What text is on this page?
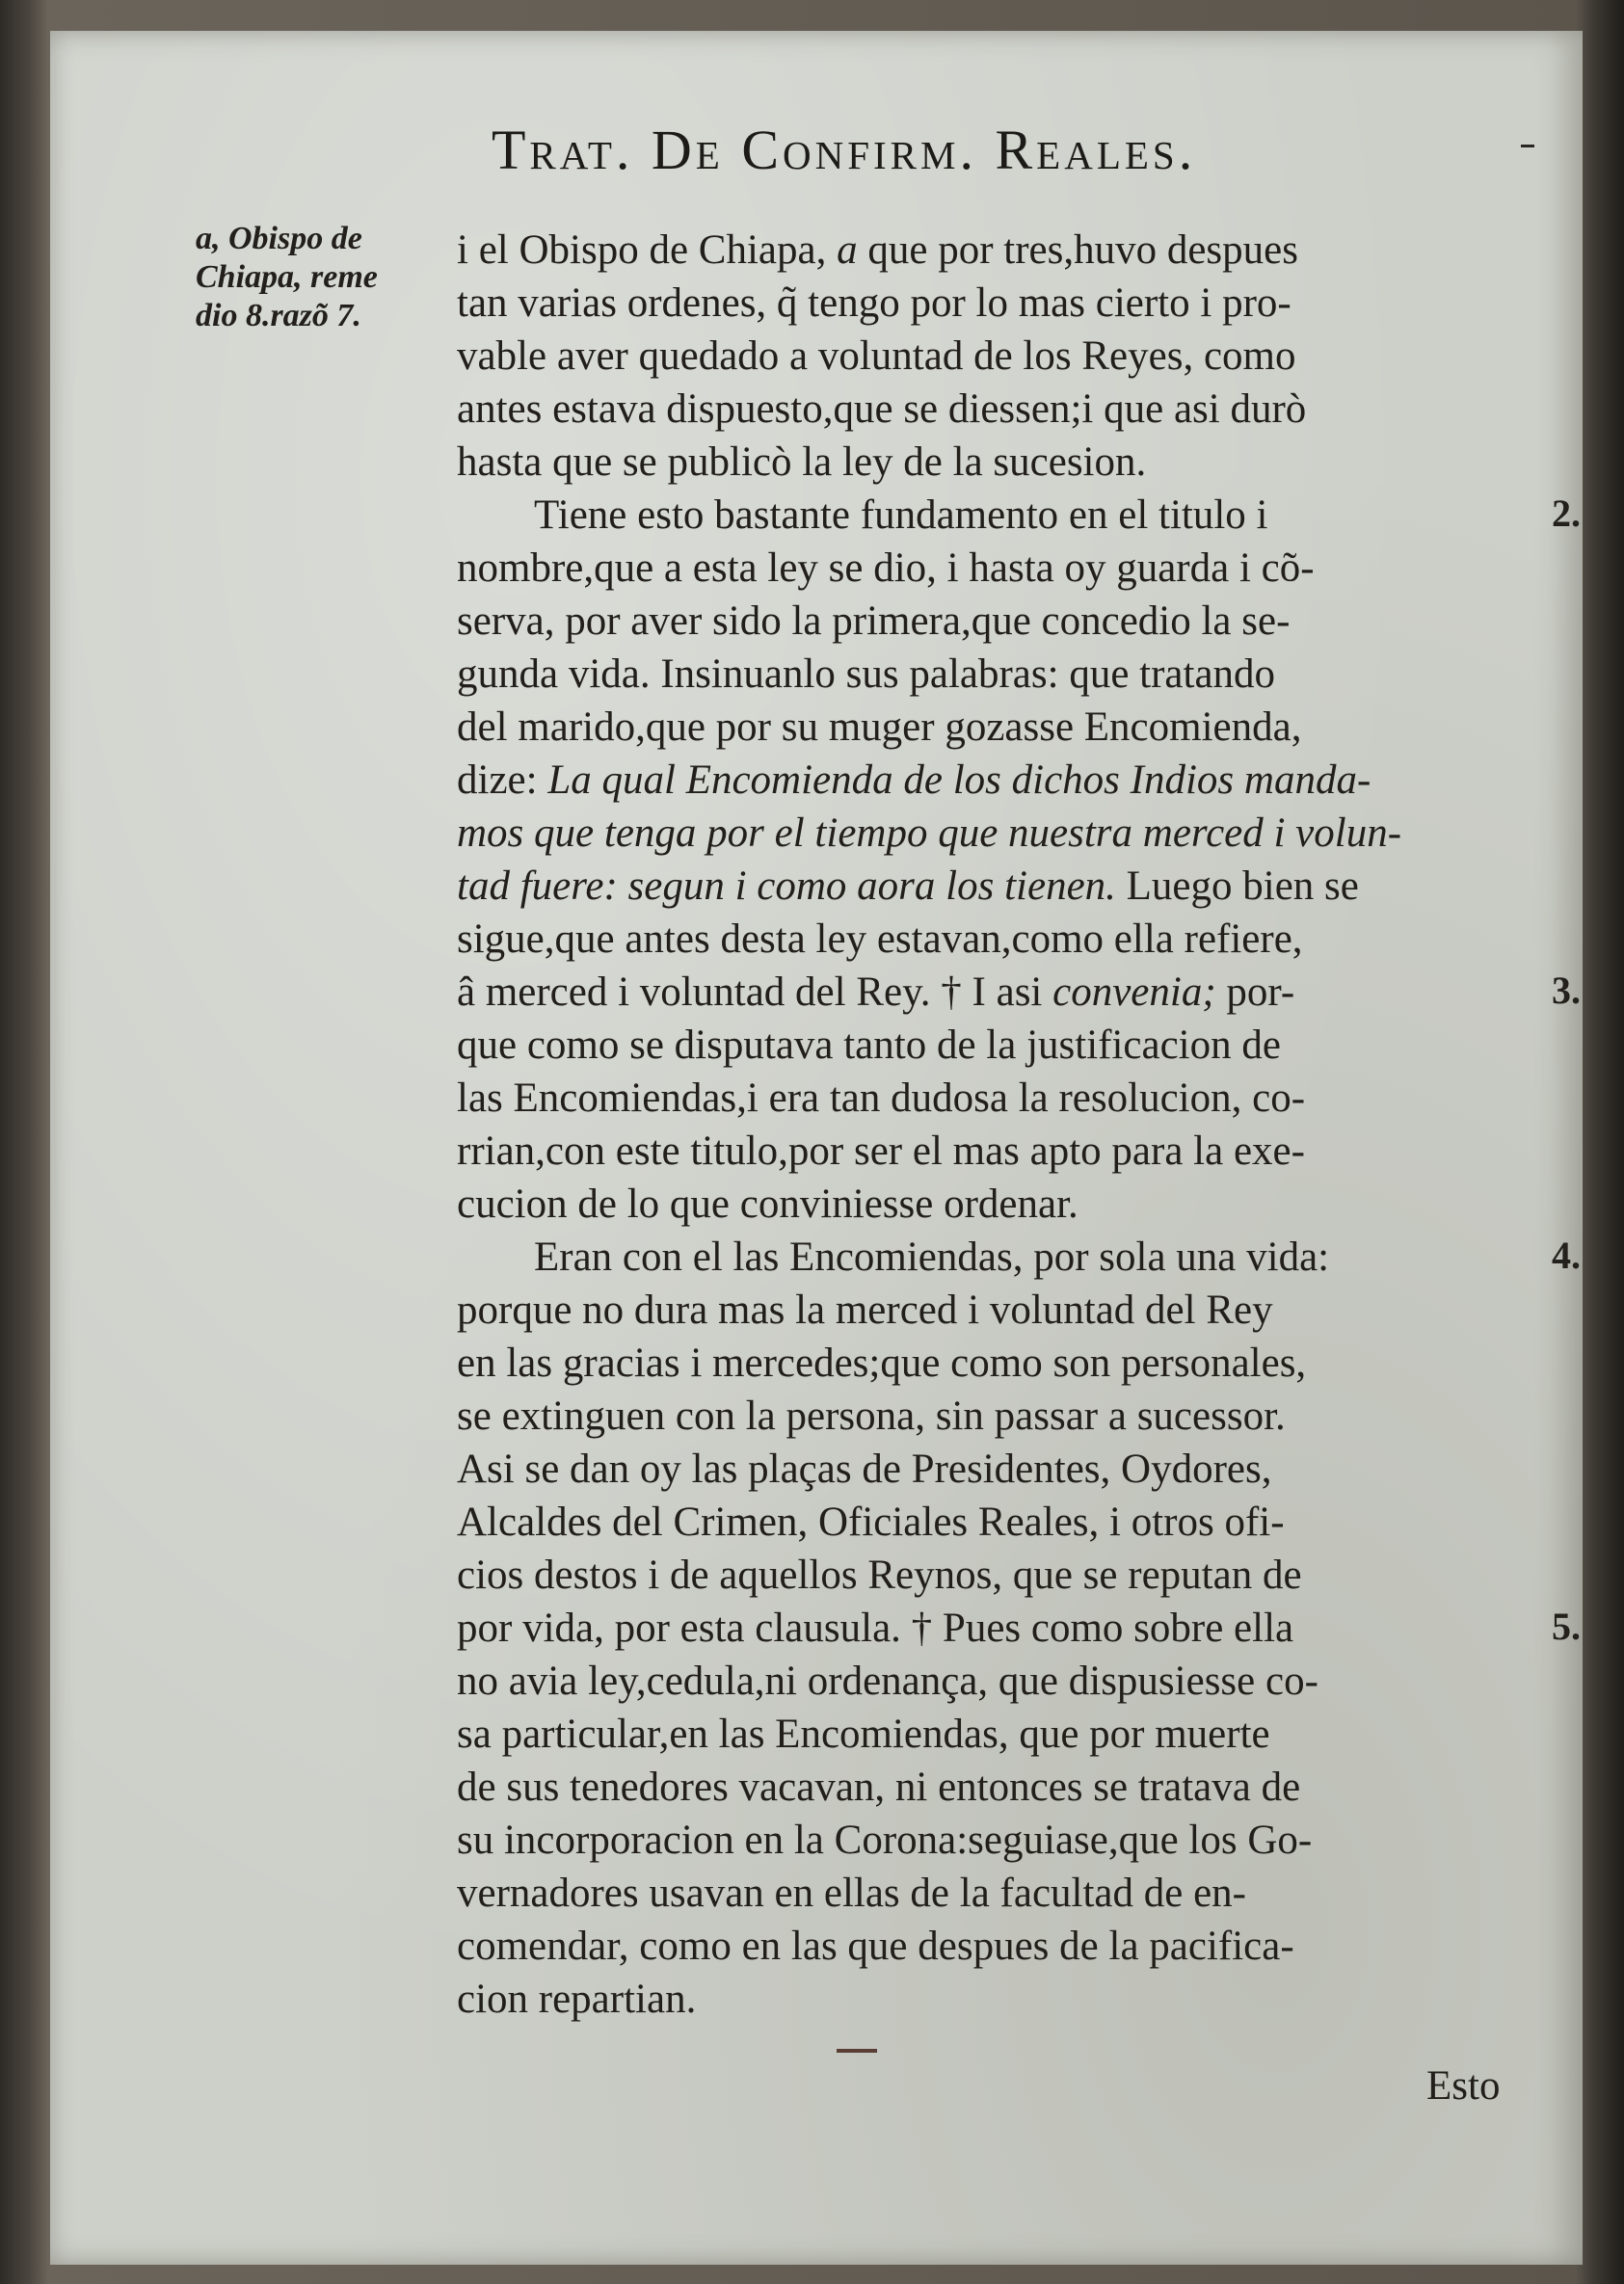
Trat. De Confirm. Reales.
a, Obispo de
Chiapa, reme
dio 8.razõ 7.
i el Obispo de Chiapa, a que por tres,huvo despues
tan varias ordenes, q̃ tengo por lo mas cierto i pro-
vable aver quedado a voluntad de los Reyes, como
antes estava dispuesto,que se diessen;i que asi durò
hasta que se publicò la ley de la sucesion.
Tiene esto bastante fundamento en el titulo i
nombre,que a esta ley se dio, i hasta oy guarda i cõ-
serva, por aver sido la primera,que concedio la se-
gunda vida. Insinuanlo sus palabras: que tratando
del marido,que por su muger gozasse Encomienda,
dize: La qual Encomienda de los dichos Indios manda-
mos que tenga por el tiempo que nuestra merced i volun-
tad fuere: segun i como aora los tienen. Luego bien se
sigue,que antes desta ley estavan,como ella refiere,
â merced i voluntad del Rey. † I asi convenia; por-
que como se disputava tanto de la justificacion de
las Encomiendas,i era tan dudosa la resolucion, co-
rrian,con este titulo,por ser el mas apto para la exe-
cucion de lo que conviniesse ordenar.
Eran con el las Encomiendas, por sola una vida:
porque no dura mas la merced i voluntad del Rey
en las gracias i mercedes;que como son personales,
se extinguen con la persona, sin passar a sucessor.
Asi se dan oy las plaças de Presidentes, Oydores,
Alcaldes del Crimen, Oficiales Reales, i otros ofi-
cios destos i de aquellos Reynos, que se reputan de
por vida, por esta clausula. † Pues como sobre ella
no avia ley,cedula,ni ordenança, que dispusiesse co-
sa particular,en las Encomiendas, que por muerte
de sus tenedores vacavan, ni entonces se tratava de
su incorporacion en la Corona:seguiase,que los Go-
vernadores usavan en ellas de la facultad de en-
comendar, como en las que despues de la pacifica-
cion repartian.
2.
3.
4.
5.
Esto
